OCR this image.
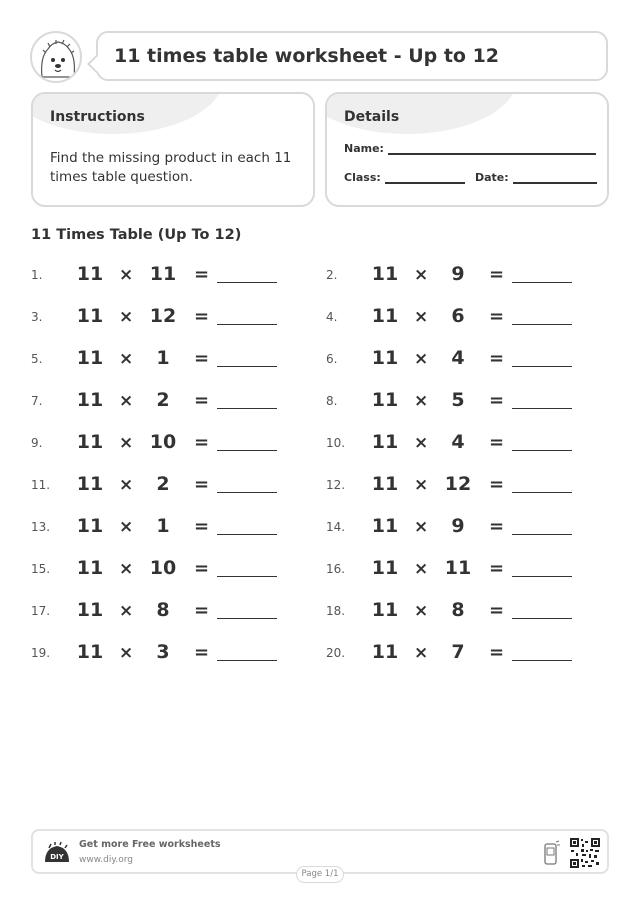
11 times table worksheet - Up to 12
Instructions
Find the missing product in each 11 times table question.
Details
Name:
Class:	Date:
11 Times Table (Up To 12)
1. 11 × 11 =	2. 11 ×	9	=
3. 11 × 12 =	4. 11 ×	6	=
5. 11 ×	1	=	6. 11 ×	4	=
7. 11 ×	2	=	8. 11 ×	5	=
9. 11 × 10 =	10. 11 ×	4	=
11. 11 ×	2	=	12. 11 × 12 =
13. 11 ×	1	=	14. 11 ×	9	=
15. 11 × 10 =	16. 11 × 11 =
17. 11 ×	8	=	18. 11 ×	8	=
19. 11 ×	3	=	20. 11 ×	7	=
DIY
Get more Free worksheets
www.diy.org
Page 1/1
